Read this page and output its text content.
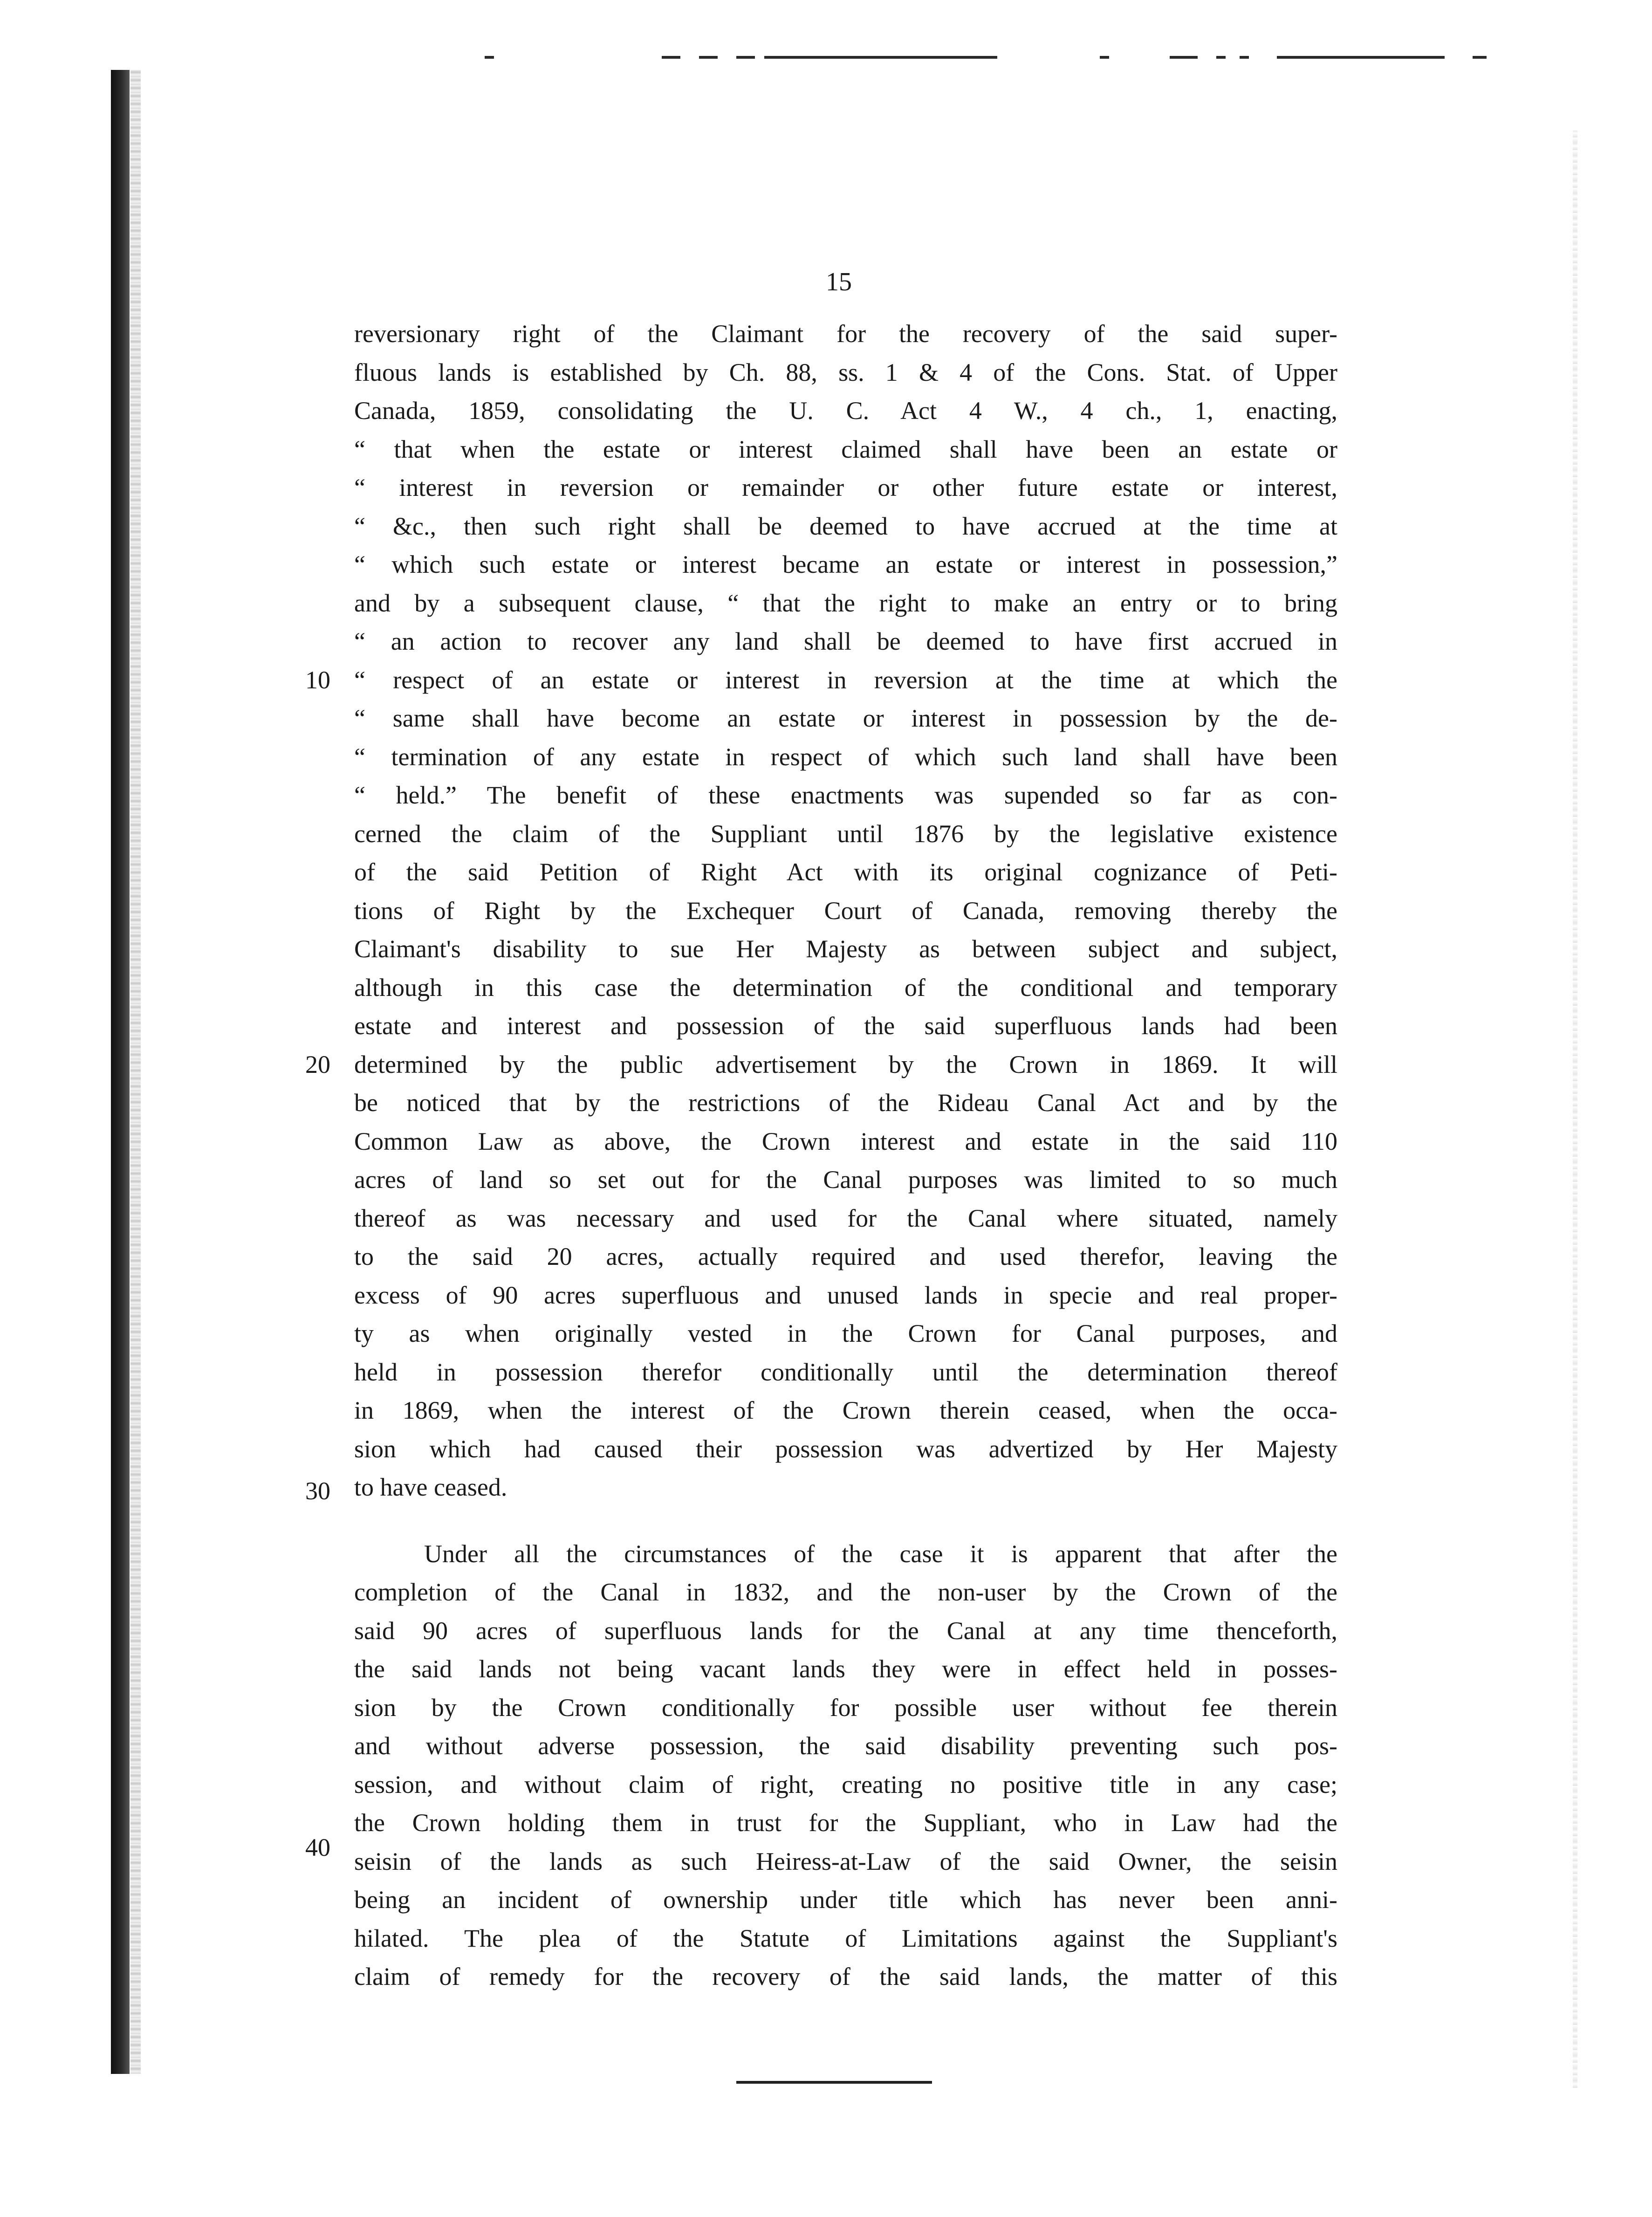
15
10
20
30
40
reversionary right of the Claimant for the recovery of the said super-
fluous lands is established by Ch. 88, ss. 1 & 4 of the Cons. Stat. of Upper
Canada, 1859, consolidating the U. C. Act 4 W., 4 ch., 1, enacting,
“ that when the estate or interest claimed shall have been an estate or
“ interest in reversion or remainder or other future estate or interest,
“ &c., then such right shall be deemed to have accrued at the time at
“ which such estate or interest became an estate or interest in possession,”
and by a subsequent clause, “ that the right to make an entry or to bring
“ an action to recover any land shall be deemed to have first accrued in
“ respect of an estate or interest in reversion at the time at which the
“ same shall have become an estate or interest in possession by the de-
“ termination of any estate in respect of which such land shall have been
“ held.” The benefit of these enactments was supended so far as con-
cerned the claim of the Suppliant until 1876 by the legislative existence
of the said Petition of Right Act with its original cognizance of Peti-
tions of Right by the Exchequer Court of Canada, removing thereby the
Claimant's disability to sue Her Majesty as between subject and subject,
although in this case the determination of the conditional and temporary
estate and interest and possession of the said superfluous lands had been
determined by the public advertisement by the Crown in 1869. It will
be noticed that by the restrictions of the Rideau Canal Act and by the
Common Law as above, the Crown interest and estate in the said 110
acres of land so set out for the Canal purposes was limited to so much
thereof as was necessary and used for the Canal where situated, namely
to the said 20 acres, actually required and used therefor, leaving the
excess of 90 acres superfluous and unused lands in specie and real proper-
ty as when originally vested in the Crown for Canal purposes, and
held in possession therefor conditionally until the determination thereof
in 1869, when the interest of the Crown therein ceased, when the occa-
sion which had caused their possession was advertized by Her Majesty
to have ceased.
Under all the circumstances of the case it is apparent that after the
completion of the Canal in 1832, and the non-user by the Crown of the
said 90 acres of superfluous lands for the Canal at any time thenceforth,
the said lands not being vacant lands they were in effect held in posses-
sion by the Crown conditionally for possible user without fee therein
and without adverse possession, the said disability preventing such pos-
session, and without claim of right, creating no positive title in any case;
the Crown holding them in trust for the Suppliant, who in Law had the
seisin of the lands as such Heiress-at-Law of the said Owner, the seisin
being an incident of ownership under title which has never been anni-
hilated. The plea of the Statute of Limitations against the Suppliant's
claim of remedy for the recovery of the said lands, the matter of this
